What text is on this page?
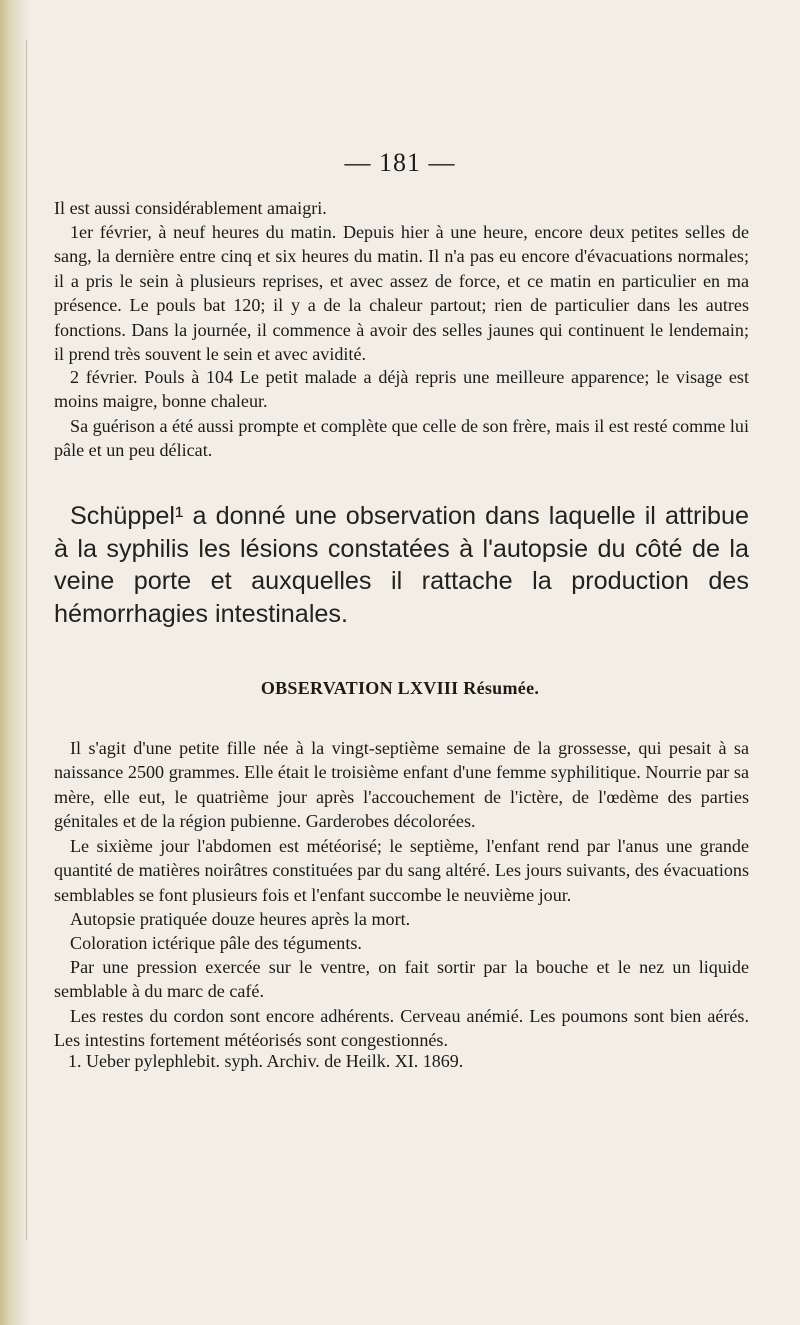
— 181 —

Il est aussi considérablement amaigri.

1er février, à neuf heures du matin. Depuis hier à une heure, encore deux petites selles de sang, la dernière entre cinq et six heures du matin. Il n'a pas eu encore d'évacuations normales; il a pris le sein à plusieurs reprises, et avec assez de force, et ce matin en particulier en ma présence. Le pouls bat 120; il y a de la chaleur partout; rien de particulier dans les autres fonctions. Dans la journée, il commence à avoir des selles jaunes qui continuent le lendemain; il prend très souvent le sein et avec avidité.

2 février. Pouls à 104 Le petit malade a déjà repris une meilleure apparence; le visage est moins maigre, bonne chaleur.

Sa guérison a été aussi prompte et complète que celle de son frère, mais il est resté comme lui pâle et un peu délicat.

Schüppel¹ a donné une observation dans laquelle il attribue à la syphilis les lésions constatées à l'autopsie du côté de la veine porte et auxquelles il rattache la production des hémorrhagies intestinales.

OBSERVATION LXVIII Résumée.

Il s'agit d'une petite fille née à la vingt-septième semaine de la grossesse, qui pesait à sa naissance 2500 grammes. Elle était le troisième enfant d'une femme syphilitique. Nourrie par sa mère, elle eut, le quatrième jour après l'accouchement de l'ictère, de l'œdème des parties génitales et de la région pubienne. Garderobes décolorées.

Le sixième jour l'abdomen est météorisé; le septième, l'enfant rend par l'anus une grande quantité de matières noirâtres constituées par du sang altéré. Les jours suivants, des évacuations semblables se font plusieurs fois et l'enfant succombe le neuvième jour.

Autopsie pratiquée douze heures après la mort.

Coloration ictérique pâle des téguments.

Par une pression exercée sur le ventre, on fait sortir par la bouche et le nez un liquide semblable à du marc de café.

Les restes du cordon sont encore adhérents. Cerveau anémié. Les poumons sont bien aérés. Les intestins fortement météorisés sont congestionnés.

1. Ueber pylephlebit. syph. Archiv. de Heilk. XI. 1869.
